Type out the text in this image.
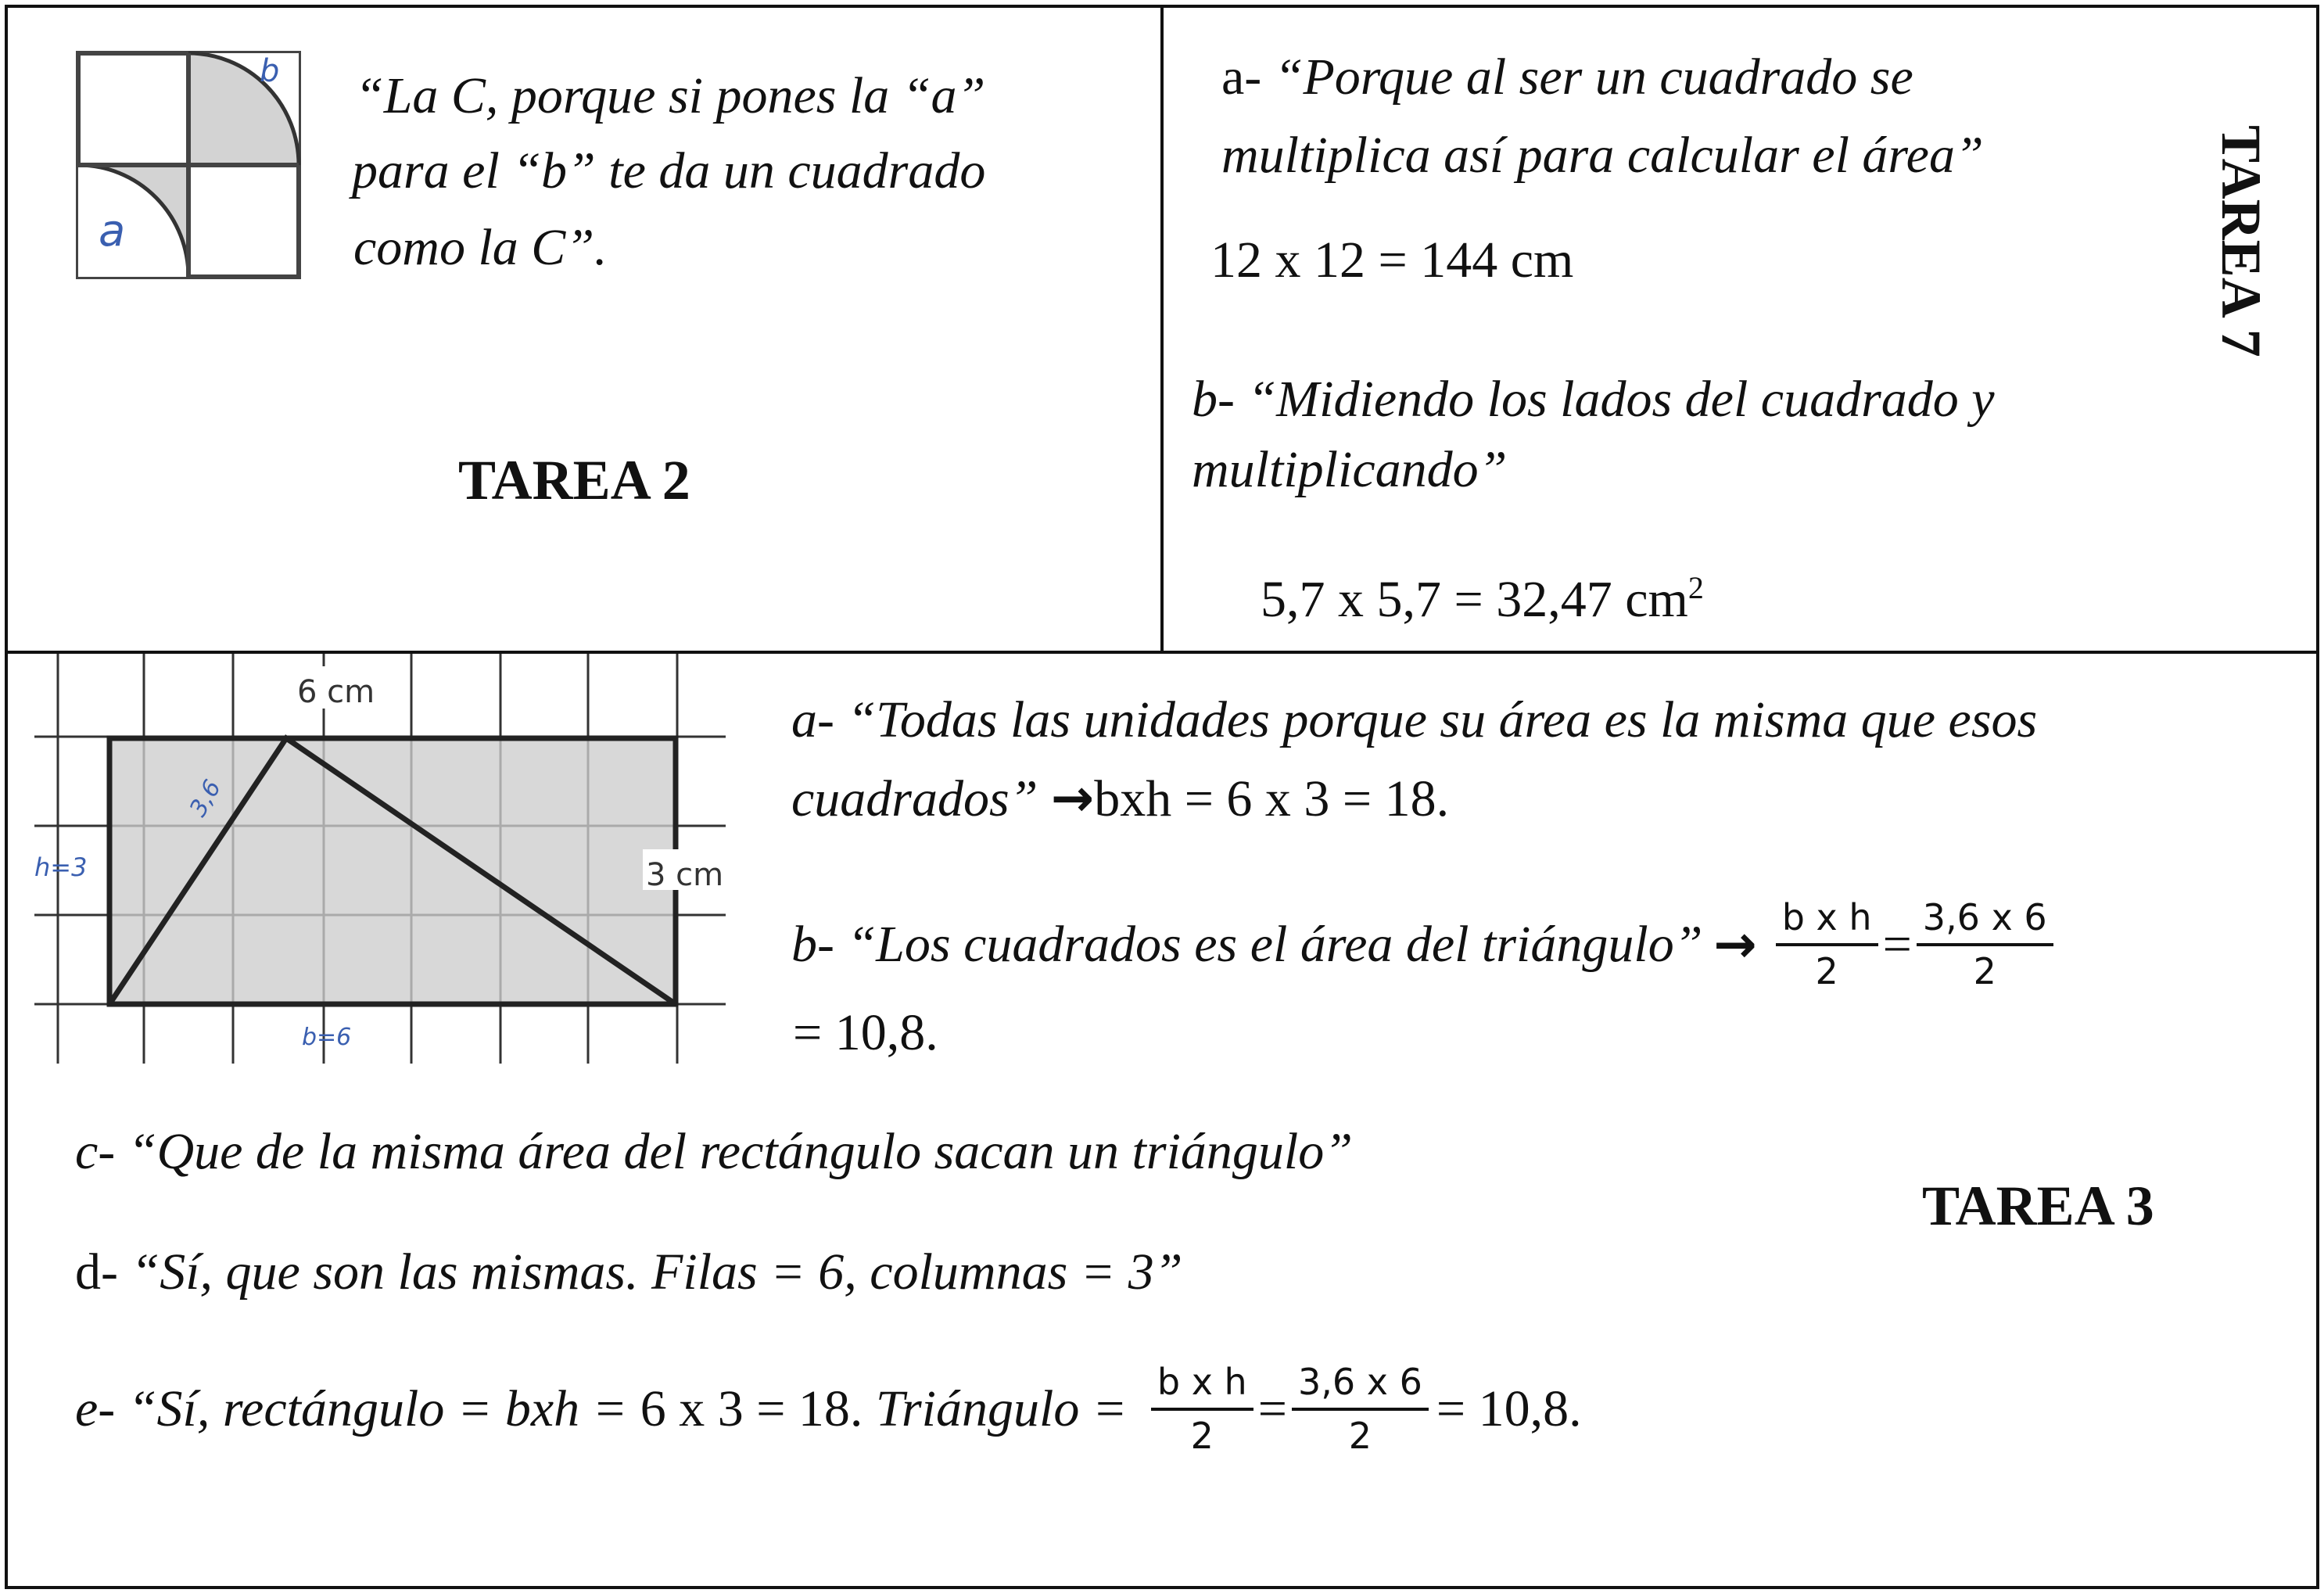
b
a
“La C, porque si pones la “a”
para el “b” te da un cuadrado
como la C”.
TAREA 2
a- “Porque al ser un cuadrado se
multiplica así para calcular el área”
12 x 12 = 144 cm
b- “Midiendo los lados del cuadrado y
multiplicando”
5,7 x 5,7 = 32,47 $cm^2$
TAREA 7
6 cm
3 cm
h=3
b=6
3,6
a- “Todas las unidades porque su área es la misma que esos
cuadrados” →bxh = 6 x 3 = 18.
b- “Los cuadrados es el área del triángulo” → $\frac{\text{b x h}}{2} = \frac{3,6 x 6}{2}$
= 10,8.
c- “Que de la misma área del rectángulo sacan un triángulo”
TAREA 3
d- “Sí, que son las mismas. Filas = 6, columnas = 3”
e- “Sí, rectángulo = bxh = 6 x 3 = 18. Triángulo = $\frac{\text{b x h}}{2} = \frac{3,6 x 6}{2} = 10,8$.
